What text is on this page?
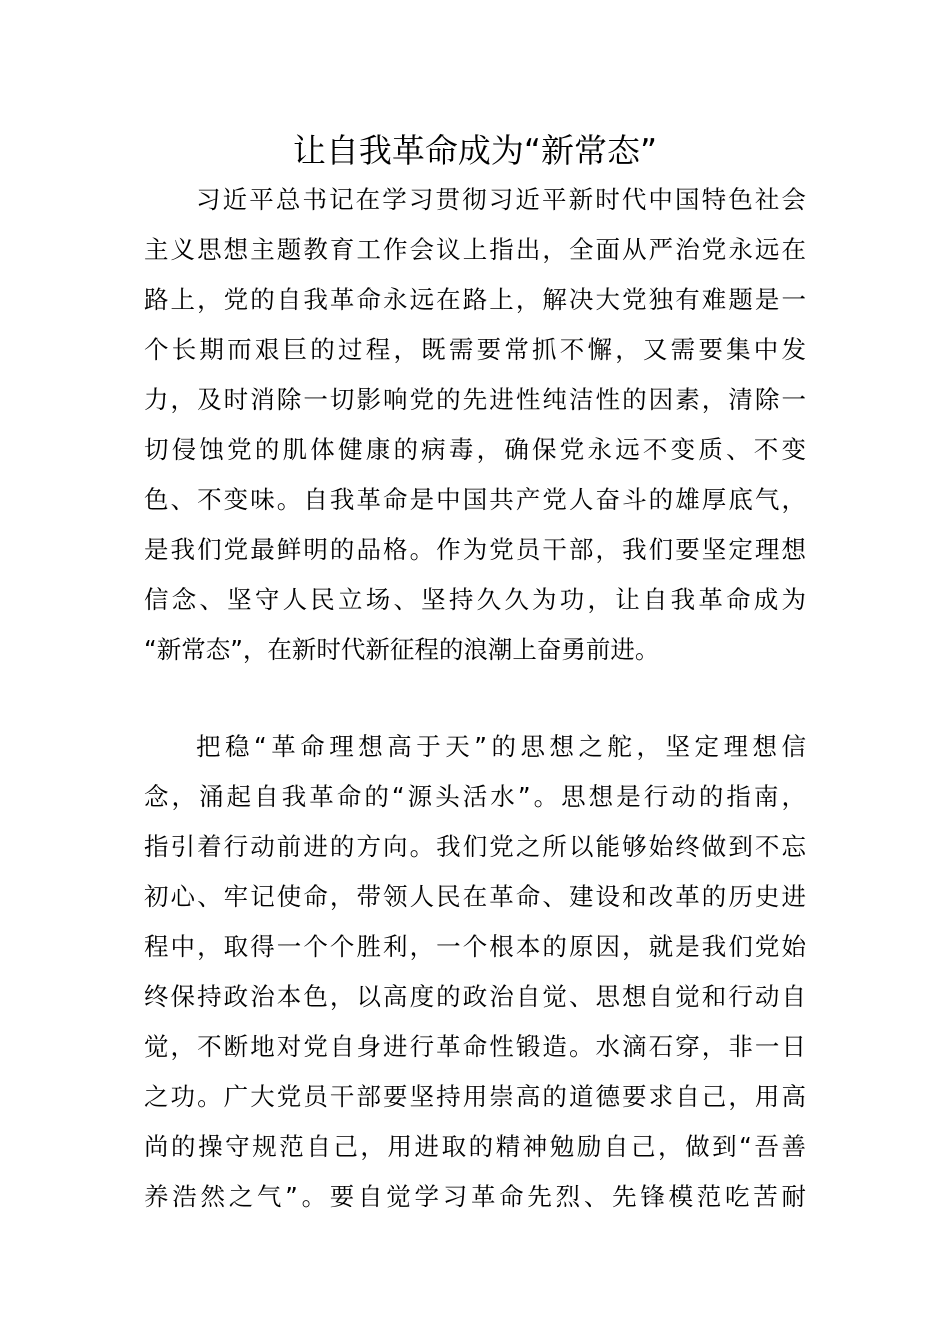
让自我革命成为“新常态”
习近平总书记在学习贯彻习近平新时代中国特色社会
主义思想主题教育工作会议上指出，全面从严治党永远在
路上，党的自我革命永远在路上，解决大党独有难题是一
个长期而艰巨的过程，既需要常抓不懈，又需要集中发
力，及时消除一切影响党的先进性纯洁性的因素，清除一
切侵蚀党的肌体健康的病毒，确保党永远不变质、不变
色、不变味。自我革命是中国共产党人奋斗的雄厚底气，
是我们党最鲜明的品格。作为党员干部，我们要坚定理想
信念、坚守人民立场、坚持久久为功，让自我革命成为
“新常态”，在新时代新征程的浪潮上奋勇前进。
把稳“革命理想高于天”的思想之舵，坚定理想信
念，涌起自我革命的“源头活水”。思想是行动的指南，
指引着行动前进的方向。我们党之所以能够始终做到不忘
初心、牢记使命，带领人民在革命、建设和改革的历史进
程中，取得一个个胜利，一个根本的原因，就是我们党始
终保持政治本色，以高度的政治自觉、思想自觉和行动自
觉，不断地对党自身进行革命性锻造。水滴石穿，非一日
之功。广大党员干部要坚持用崇高的道德要求自己，用高
尚的操守规范自己，用进取的精神勉励自己，做到“吾善
养浩然之气”。要自觉学习革命先烈、先锋模范吃苦耐
